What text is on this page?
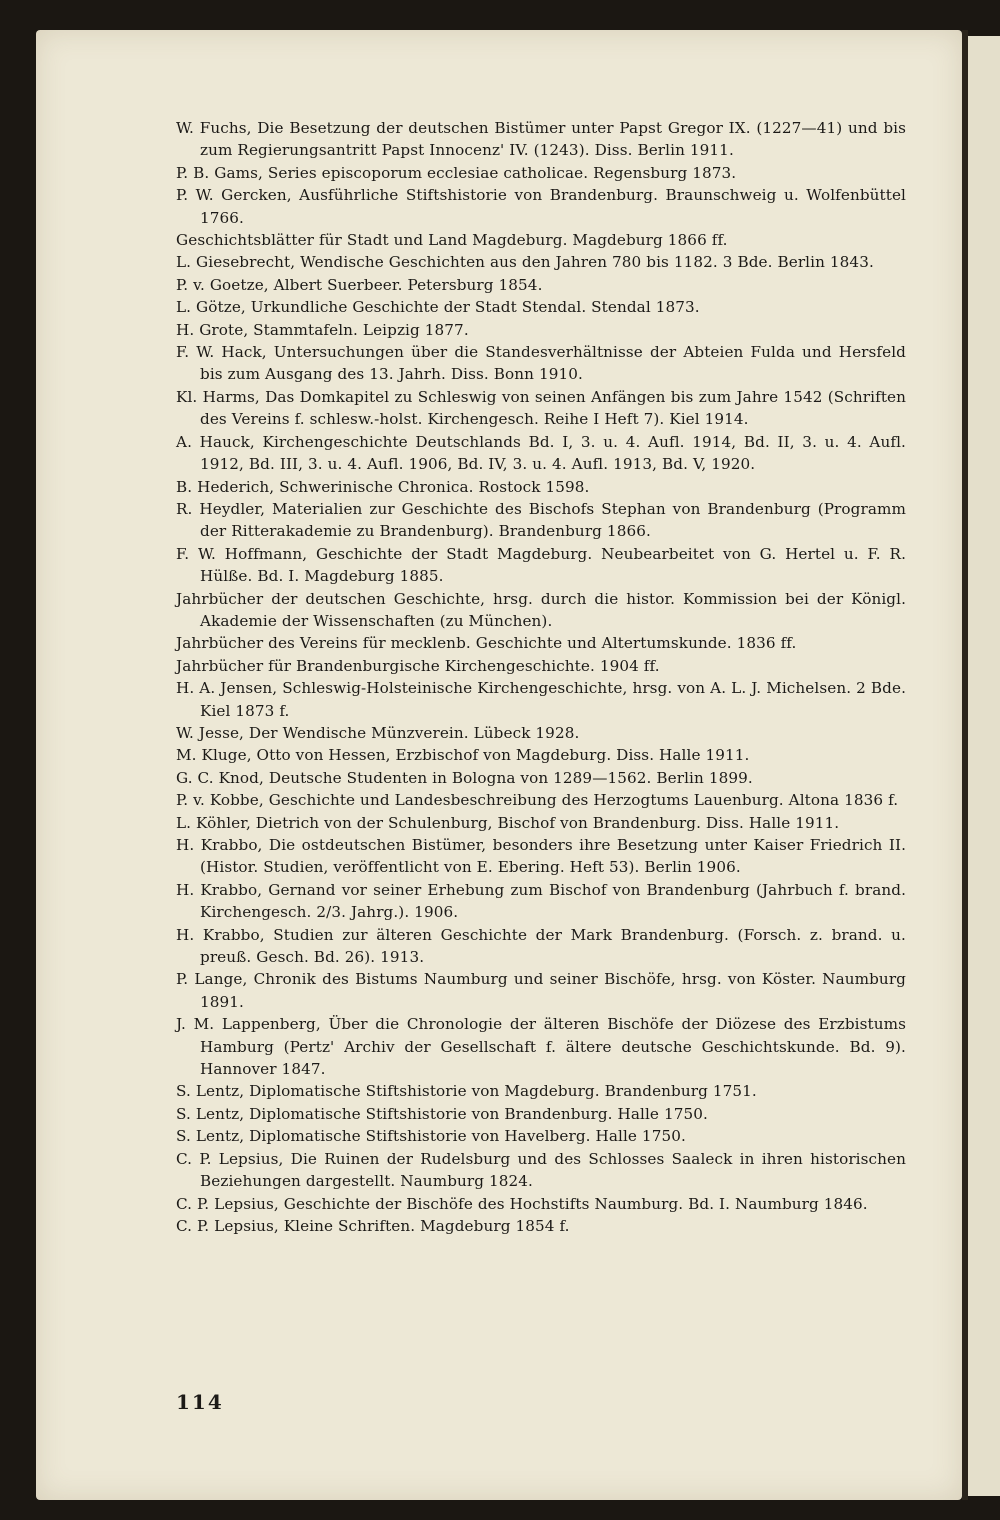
W. Fuchs, Die Besetzung der deutschen Bistümer unter Papst Gregor IX. (1227—41) und bis zum Regierungsantritt Papst Innocenz' IV. (1243). Diss. Berlin 1911.

P. B. Gams, Series episcoporum ecclesiae catholicae. Regensburg 1873.

P. W. Gercken, Ausführliche Stiftshistorie von Brandenburg. Braunschweig u. Wolfenbüttel 1766.

Geschichtsblätter für Stadt und Land Magdeburg. Magdeburg 1866 ff.

L. Giesebrecht, Wendische Geschichten aus den Jahren 780 bis 1182. 3 Bde. Berlin 1843.

P. v. Goetze, Albert Suerbeer. Petersburg 1854.

L. Götze, Urkundliche Geschichte der Stadt Stendal. Stendal 1873.

H. Grote, Stammtafeln. Leipzig 1877.

F. W. Hack, Untersuchungen über die Standesverhältnisse der Abteien Fulda und Hersfeld bis zum Ausgang des 13. Jahrh. Diss. Bonn 1910.

Kl. Harms, Das Domkapitel zu Schleswig von seinen Anfängen bis zum Jahre 1542 (Schriften des Vereins f. schlesw.-holst. Kirchengesch. Reihe I Heft 7). Kiel 1914.

A. Hauck, Kirchengeschichte Deutschlands Bd. I, 3. u. 4. Aufl. 1914, Bd. II, 3. u. 4. Aufl. 1912, Bd. III, 3. u. 4. Aufl. 1906, Bd. IV, 3. u. 4. Aufl. 1913, Bd. V, 1920.

B. Hederich, Schwerinische Chronica. Rostock 1598.

R. Heydler, Materialien zur Geschichte des Bischofs Stephan von Brandenburg (Programm der Ritterakademie zu Brandenburg). Brandenburg 1866.

F. W. Hoffmann, Geschichte der Stadt Magdeburg. Neubearbeitet von G. Hertel u. F. R. Hülße. Bd. I. Magdeburg 1885.

Jahrbücher der deutschen Geschichte, hrsg. durch die histor. Kommission bei der Königl. Akademie der Wissenschaften (zu München).

Jahrbücher des Vereins für mecklenb. Geschichte und Altertumskunde. 1836 ff.

Jahrbücher für Brandenburgische Kirchengeschichte. 1904 ff.

H. A. Jensen, Schleswig-Holsteinische Kirchengeschichte, hrsg. von A. L. J. Michelsen. 2 Bde. Kiel 1873 f.

W. Jesse, Der Wendische Münzverein. Lübeck 1928.

M. Kluge, Otto von Hessen, Erzbischof von Magdeburg. Diss. Halle 1911.

G. C. Knod, Deutsche Studenten in Bologna von 1289—1562. Berlin 1899.

P. v. Kobbe, Geschichte und Landesbeschreibung des Herzogtums Lauenburg. Altona 1836 f.

L. Köhler, Dietrich von der Schulenburg, Bischof von Brandenburg. Diss. Halle 1911.

H. Krabbo, Die ostdeutschen Bistümer, besonders ihre Besetzung unter Kaiser Friedrich II. (Histor. Studien, veröffentlicht von E. Ebering. Heft 53). Berlin 1906.

H. Krabbo, Gernand vor seiner Erhebung zum Bischof von Brandenburg (Jahrbuch f. brand. Kirchengesch. 2/3. Jahrg.). 1906.

H. Krabbo, Studien zur älteren Geschichte der Mark Brandenburg. (Forsch. z. brand. u. preuß. Gesch. Bd. 26). 1913.

P. Lange, Chronik des Bistums Naumburg und seiner Bischöfe, hrsg. von Köster. Naumburg 1891.

J. M. Lappenberg, Über die Chronologie der älteren Bischöfe der Diözese des Erzbistums Hamburg (Pertz' Archiv der Gesellschaft f. ältere deutsche Geschichtskunde. Bd. 9). Hannover 1847.

S. Lentz, Diplomatische Stiftshistorie von Magdeburg. Brandenburg 1751.

S. Lentz, Diplomatische Stiftshistorie von Brandenburg. Halle 1750.

S. Lentz, Diplomatische Stiftshistorie von Havelberg. Halle 1750.

C. P. Lepsius, Die Ruinen der Rudelsburg und des Schlosses Saaleck in ihren historischen Beziehungen dargestellt. Naumburg 1824.

C. P. Lepsius, Geschichte der Bischöfe des Hochstifts Naumburg. Bd. I. Naumburg 1846.

C. P. Lepsius, Kleine Schriften. Magdeburg 1854 f.

114
